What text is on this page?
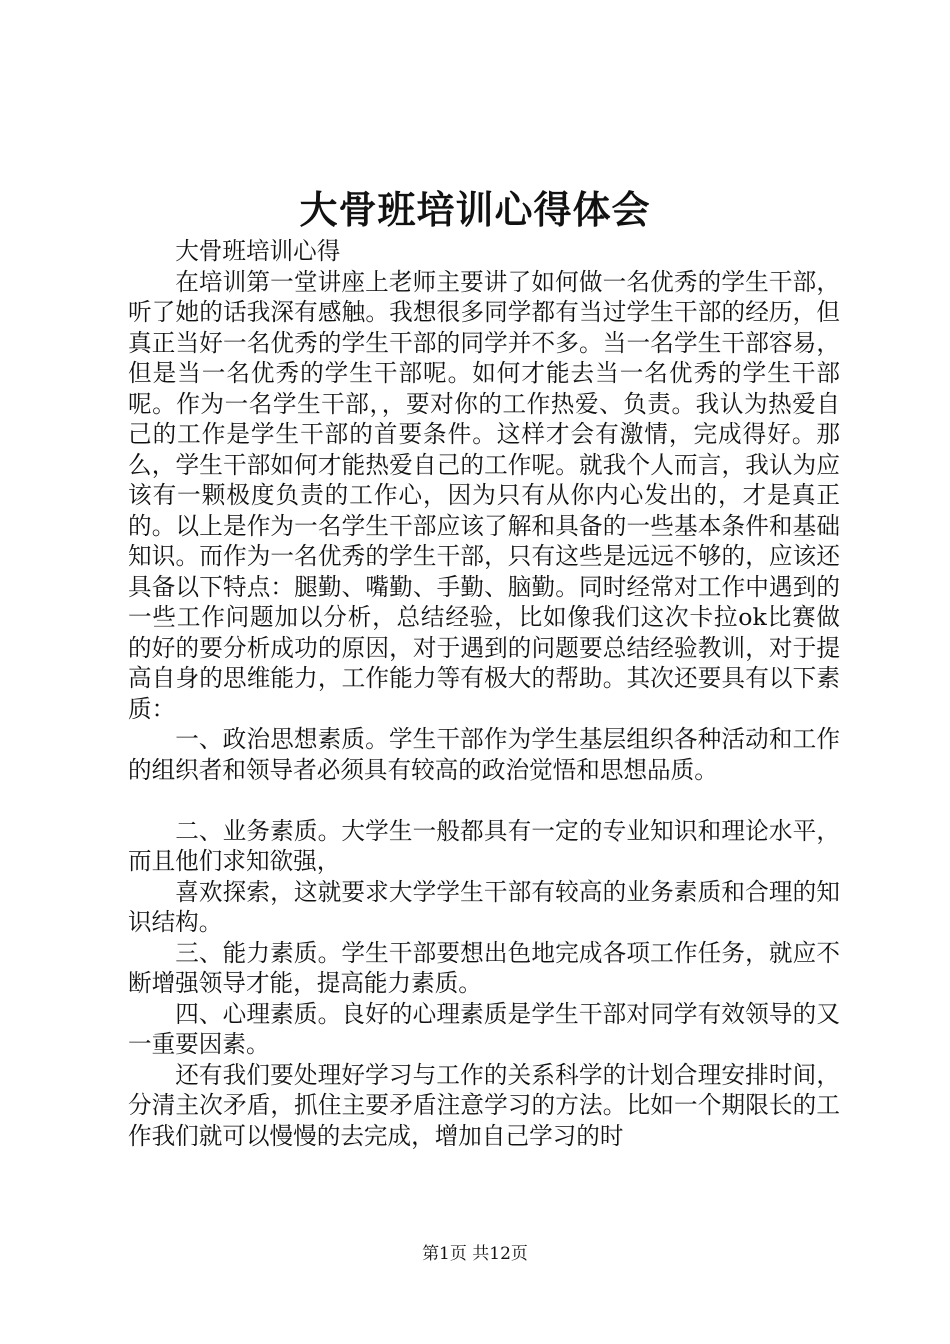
大骨班培训心得体会

大骨班培训心得

在培训第一堂讲座上老师主要讲了如何做一名优秀的学生干部，听了她的话我深有感触。我想很多同学都有当过学生干部的经历，但真正当好一名优秀的学生干部的同学并不多。当一名学生干部容易，但是当一名优秀的学生干部呢。如何才能去当一名优秀的学生干部呢。作为一名学生干部，，要对你的工作热爱、负责。我认为热爱自己的工作是学生干部的首要条件。这样才会有激情，完成得好。那么，学生干部如何才能热爱自己的工作呢。就我个人而言，我认为应该有一颗极度负责的工作心，因为只有从你内心发出的，才是真正的。以上是作为一名学生干部应该了解和具备的一些基本条件和基础知识。而作为一名优秀的学生干部，只有这些是远远不够的，应该还具备以下特点：腿勤、嘴勤、手勤、脑勤。同时经常对工作中遇到的一些工作问题加以分析，总结经验，比如像我们这次卡拉ok比赛做的好的要分析成功的原因，对于遇到的问题要总结经验教训，对于提高自身的思维能力，工作能力等有极大的帮助。其次还要具有以下素质：

一、政治思想素质。学生干部作为学生基层组织各种活动和工作的组织者和领导者必须具有较高的政治觉悟和思想品质。

二、业务素质。大学生一般都具有一定的专业知识和理论水平，而且他们求知欲强，

喜欢探索，这就要求大学学生干部有较高的业务素质和合理的知识结构。

三、能力素质。学生干部要想出色地完成各项工作任务，就应不断增强领导才能，提高能力素质。

四、心理素质。良好的心理素质是学生干部对同学有效领导的又一重要因素。

还有我们要处理好学习与工作的关系科学的计划合理安排时间，分清主次矛盾，抓住主要矛盾注意学习的方法。比如一个期限长的工作我们就可以慢慢的去完成，增加自己学习的时

第1页 共12页
